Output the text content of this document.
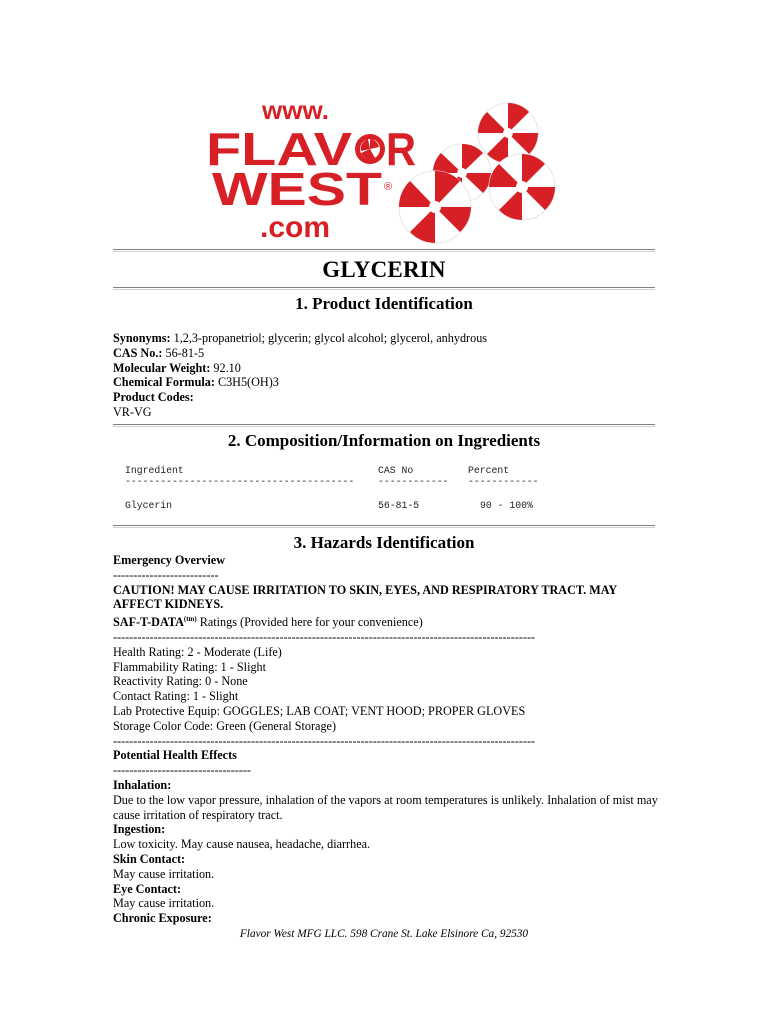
www.
FLAV R
WEST ®
.com
GLYCERIN
1. Product Identification
Synonyms: 1,2,3-propanetriol; glycerin; glycol alcohol; glycerol, anhydrous
CAS No.: 56-81-5
Molecular Weight: 92.10
Chemical Formula: C3H5(OH)3
Product Codes:
VR-VG
2. Composition/Information on Ingredients
Ingredient	CAS No	Percent
--------------------------------------- ------------ ------------
Glycerin	56-81-5	90 - 100%
3. Hazards Identification
Emergency Overview
--------------------------
CAUTION! MAY CAUSE IRRITATION TO SKIN, EYES, AND RESPIRATORY TRACT. MAY AFFECT KIDNEYS.
SAF-$T-DATA^{(tm)}$ Ratings (Provided here for your convenience)
--------------------------------------------------------------------------------------------------------
Health Rating: 2 - Moderate (Life)
Flammability Rating: 1 - Slight
Reactivity Rating: 0 - None
Contact Rating: 1 - Slight
Lab Protective Equip: GOGGLES; LAB COAT; VENT HOOD; PROPER GLOVES
Storage Color Code: Green (General Storage)
--------------------------------------------------------------------------------------------------------
Potential Health Effects
----------------------------------
Inhalation:
Due to the low vapor pressure, inhalation of the vapors at room temperatures is unlikely. Inhalation of mist may cause irritation of respiratory tract.
Ingestion:
Low toxicity. May cause nausea, headache, diarrhea.
Skin Contact:
May cause irritation.
Eye Contact:
May cause irritation.
Chronic Exposure:
Flavor West MFG LLC. 598 Crane St. Lake Elsinore Ca, 92530
